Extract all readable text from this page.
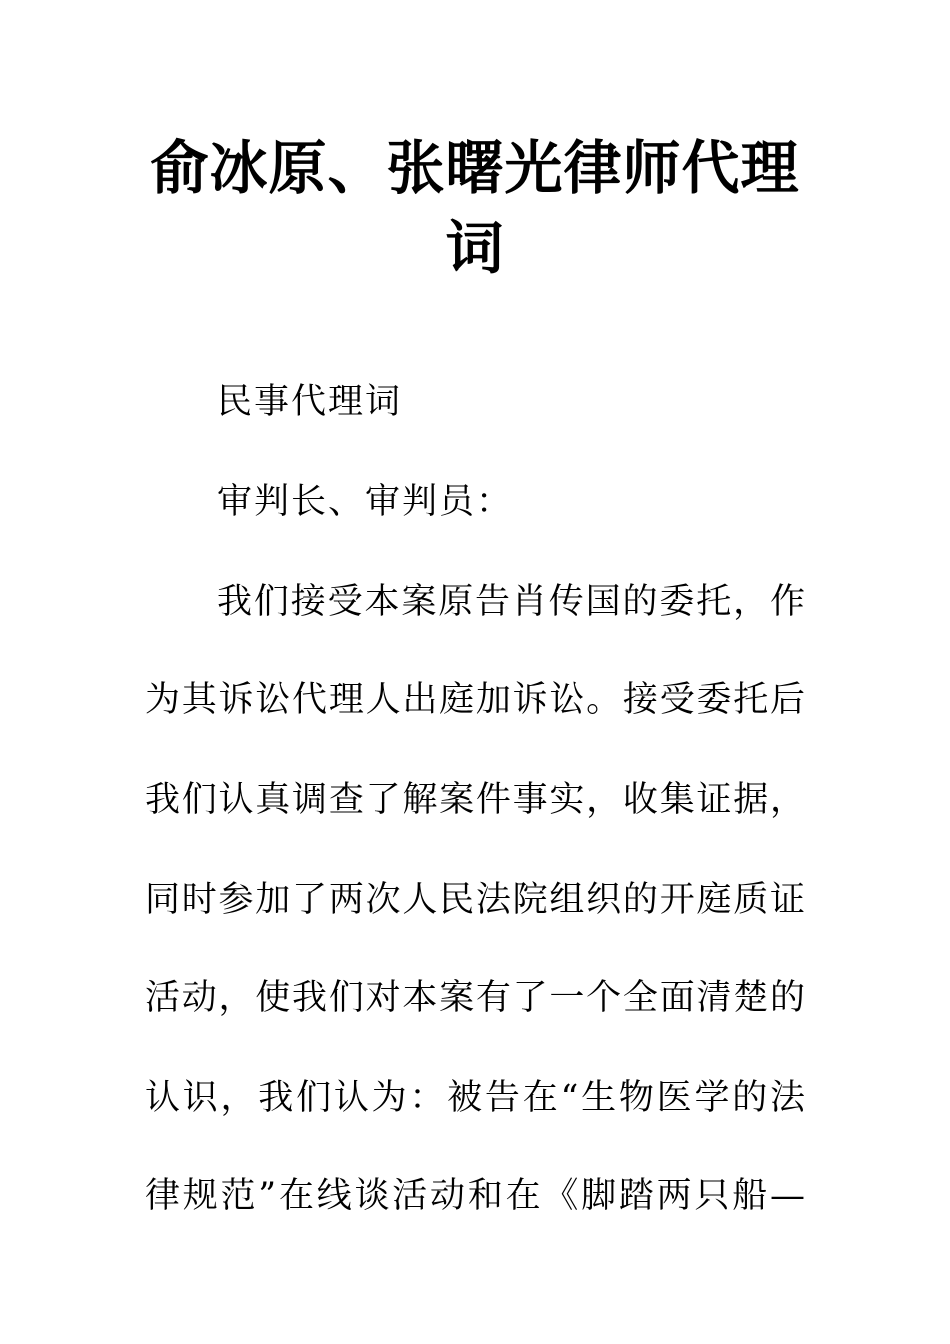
俞冰原、张曙光律师代理词
民事代理词
审判长、审判员：
我们接受本案原告肖传国的委托，作
为其诉讼代理人出庭加诉讼。接受委托后
我们认真调查了解案件事实，收集证据，
同时参加了两次人民法院组织的开庭质证
活动，使我们对本案有了一个全面清楚的
认识，我们认为：被告在“生物医学的法
律规范”在线谈活动和在《脚踏两只船—
